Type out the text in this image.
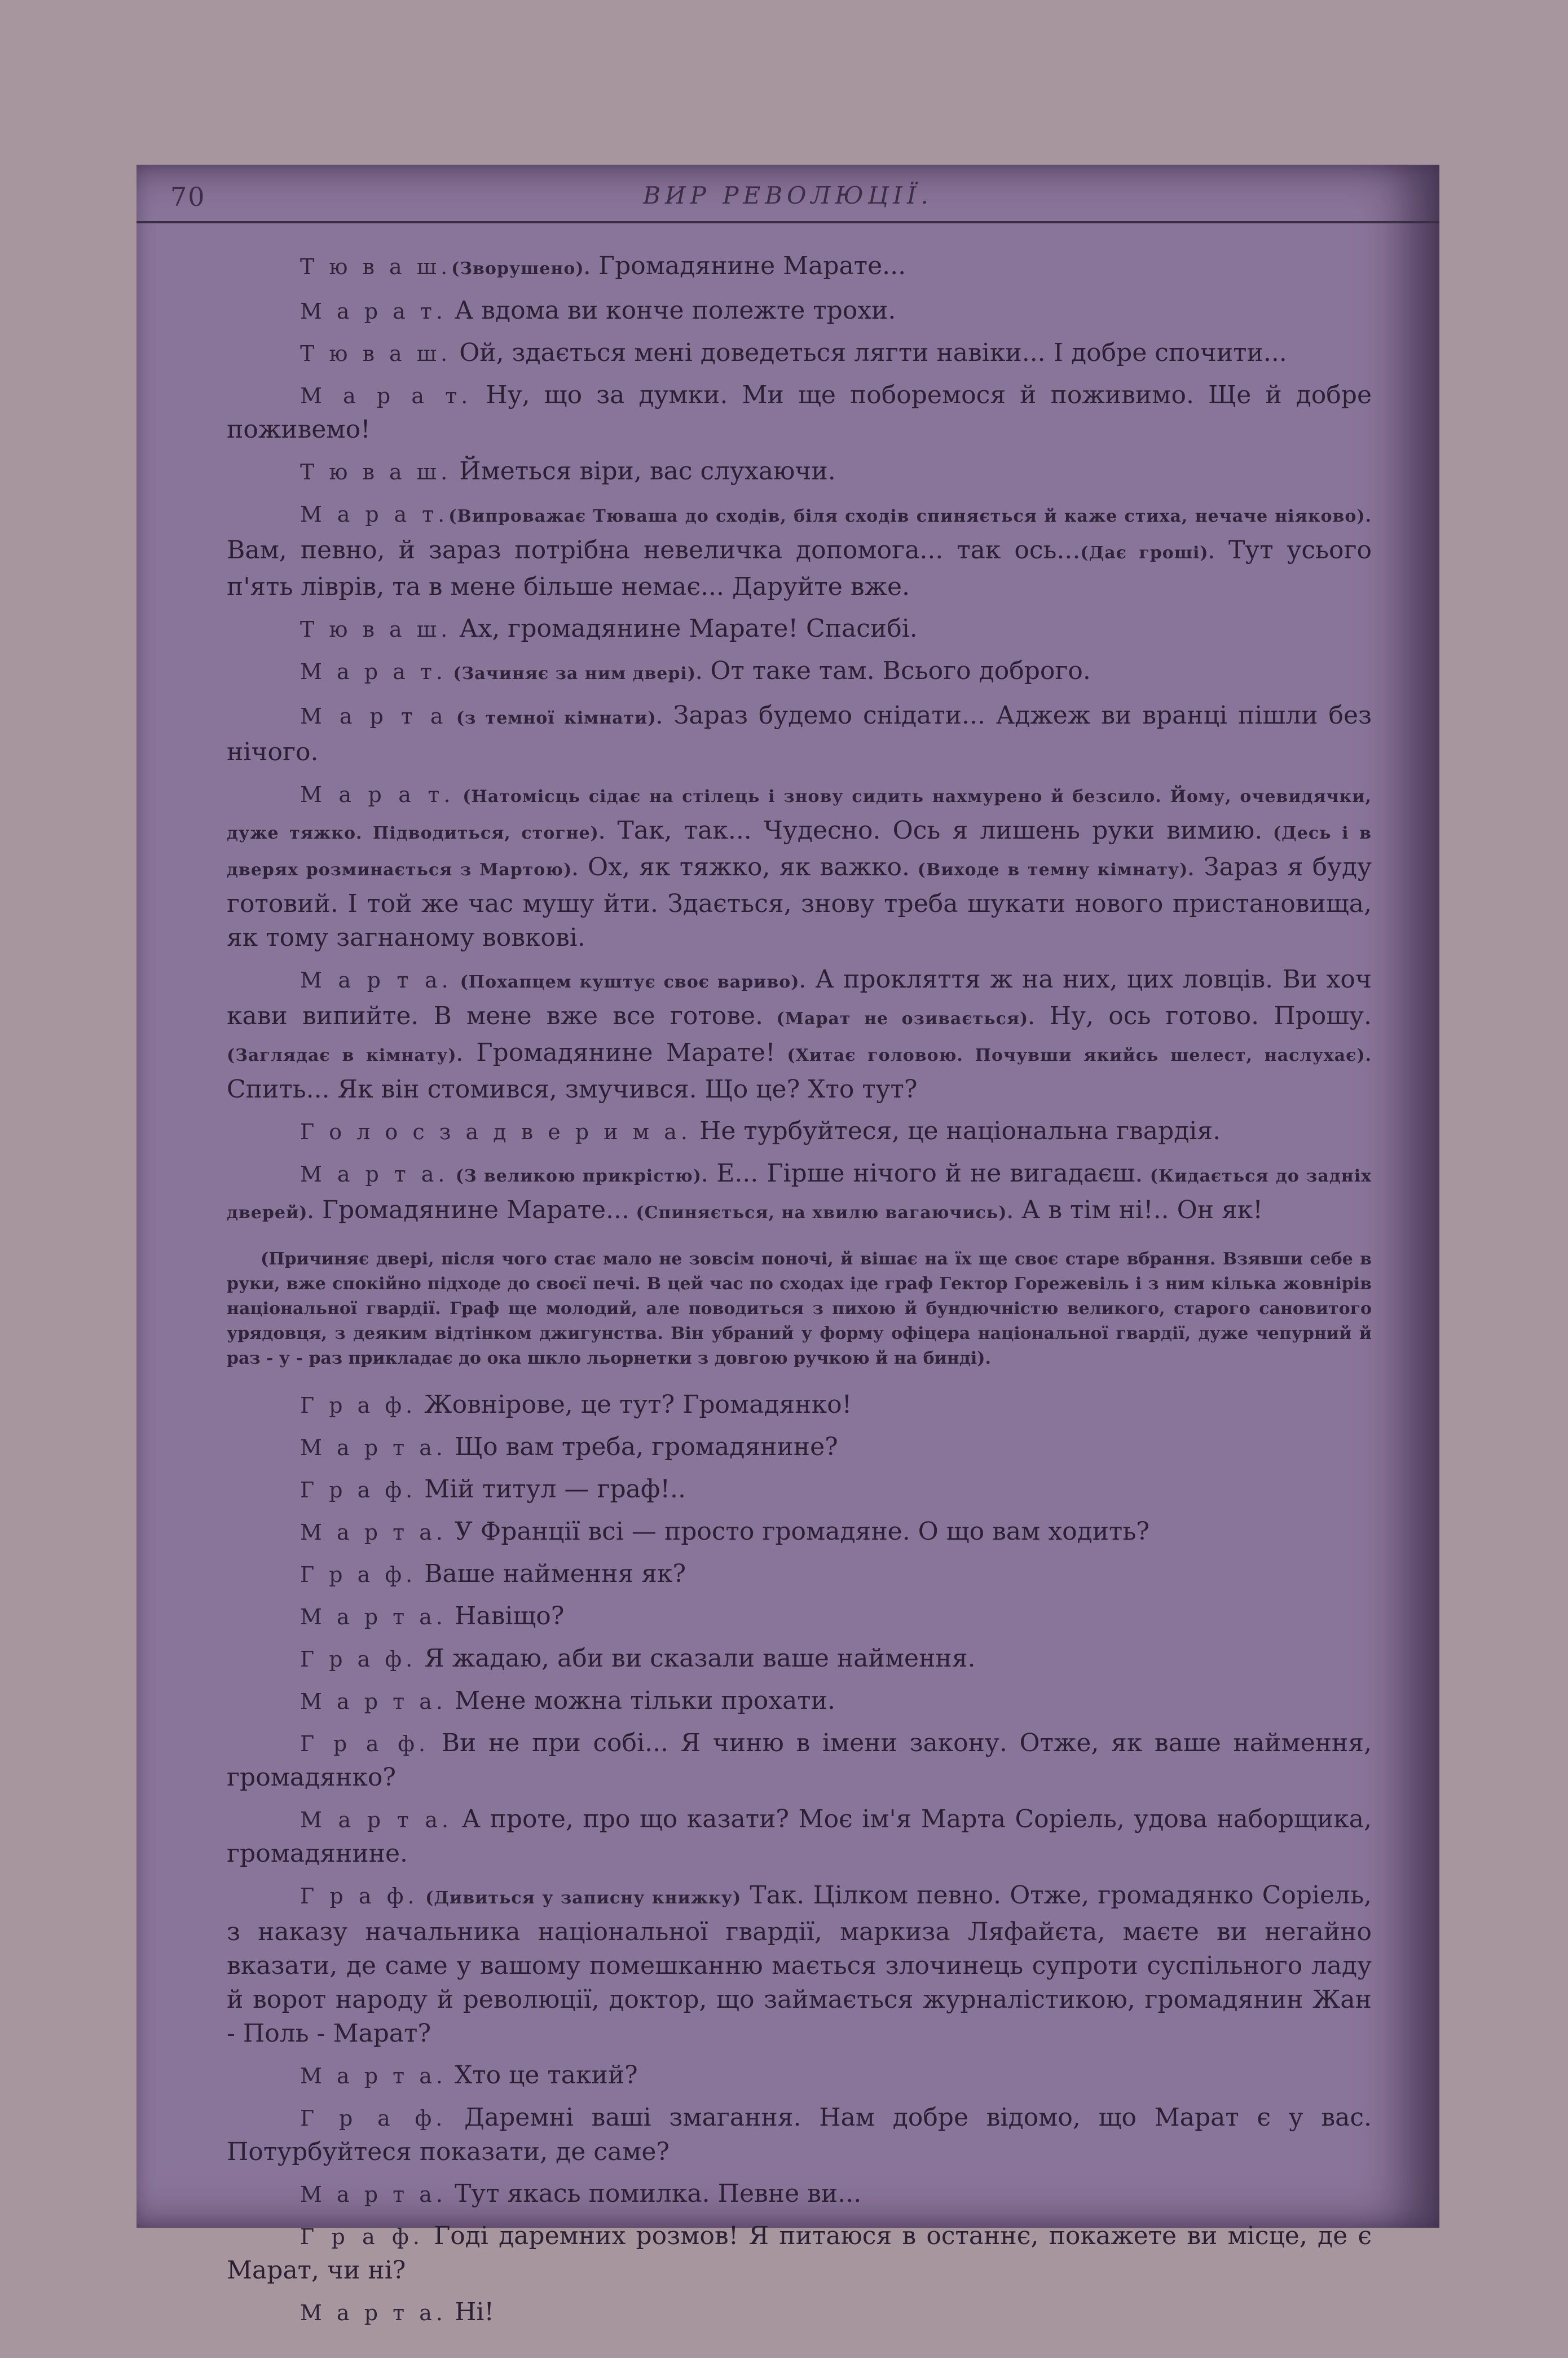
70	ВИР РЕВОЛЮЦІЇ.

Т ю в а ш.(Зворушено). Громадянине Марате...

М а р а т. А вдома ви конче полежте трохи.

Т ю в а ш. Ой, здається мені доведеться лягти навіки... І добре спочити...

М а р а т. Ну, що за думки. Ми ще поборемося й поживимо. Ще й добре поживемо!

Т ю в а ш. Йметься віри, вас слухаючи.

М а р а т.(Випроважає Тюваша до сходів, біля сходів спиняється й каже стиха, нечаче ніяково). Вам, певно, й зараз потрібна невеличка допомога... так ось...(Дає гроші). Тут усього п'ять ліврів, та в мене більше немає... Даруйте вже.

Т ю в а ш. Ах, громадянине Марате! Спасибі.

М а р а т. (Зачиняє за ним двері). От таке там. Всього доброго.

М а р т а (з темної кімнати). Зараз будемо снідати... Аджеж ви вранці пішли без нічого.

М а р а т. (Натомісць сідає на стілець і знову сидить нахмурено й безсило. Йому, очевидячки, дуже тяжко. Підводиться, стогне). Так, так... Чудесно. Ось я лишень руки вимию. (Десь і в дверях розминається з Мартою). Ох, як тяжко, як важко. (Виходе в темну кімнату). Зараз я буду готовий. І той же час мушу йти. Здається, знову треба шукати нового пристановища, як тому загнаному вовкові.

М а р т а. (Похапцем куштує своє вариво). А прокляття ж на них, цих ловців. Ви хоч кави випийте. В мене вже все готове. (Марат не озивається). Ну, ось готово. Прошу. (Заглядає в кімнату). Громадянине Марате! (Хитає головою. Почувши якийсь шелест, наслухає). Спить... Як він стомився, змучився. Що це? Хто тут?

Г о л о с з а д в е р и м а. Не турбуйтеся, це національна гвардія.

М а р т а. (З великою прикрістю). Е... Гірше нічого й не вигадаєш. (Кидається до задніх дверей). Громадянине Марате... (Спиняється, на хвилю вагаючись). А в тім ні!.. Он як!

(Причиняє двері, після чого стає мало не зовсім поночі, й вішає на їх ще своє старе вбрання. Взявши себе в руки, вже спокійно підходе до своєї печі. В цей час по сходах іде граф Гектор Горежевіль і з ним кілька жовнірів національної гвардії. Граф ще молодий, але поводиться з пихою й бундючністю великого, старого сановитого урядовця, з деяким відтінком джигунства. Він убраний у форму офіцера національної гвардії, дуже чепурний й раз - у - раз прикладає до ока шкло льорнетки з довгою ручкою й на бинді).

Г р а ф. Жовнірове, це тут? Громадянко!

М а р т а. Що вам треба, громадянине?

Г р а ф. Мій титул — граф!..

М а р т а. У Франції всі — просто громадяне. О що вам ходить?

Г р а ф. Ваше наймення як?

М а р т а. Навіщо?

Г р а ф. Я жадаю, аби ви сказали ваше наймення.

М а р т а. Мене можна тільки прохати.

Г р а ф. Ви не при собі... Я чиню в імени закону. Отже, як ваше наймення, громадянко?

М а р т а. А проте, про що казати? Моє ім'я Марта Соріель, удова наборщика, громадянине.

Г р а ф. (Дивиться у записну книжку) Так. Цілком певно. Отже, громадянко Соріель, з наказу начальника національної гвардії, маркиза Ляфайєта, маєте ви негайно вказати, де саме у вашому помешканню мається злочинець супроти суспільного ладу й ворот народу й революції, доктор, що займається журналістикою, громадянин Жан - Поль - Марат?

М а р т а. Хто це такий?

Г р а ф. Даремні ваші змагання. Нам добре відомо, що Марат є у вас. Потурбуйтеся показати, де саме?

М а р т а. Тут якась помилка. Певне ви...

Г р а ф. Годі даремних розмов! Я питаюся в останнє, покажете ви місце, де є Марат, чи ні?

М а р т а. Ні!
